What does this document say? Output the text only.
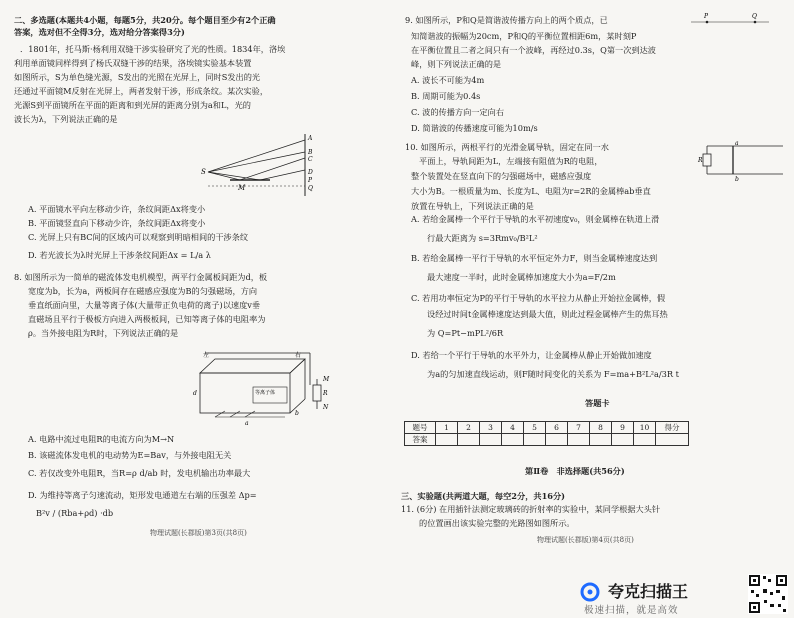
二、多选题(本题共4小题，每题5分，共20分。每个题目至少有2个正确
答案，选对但不全得3分，选对给分答案得3分)
．1801年，托马斯·杨利用双缝干涉实验研究了光的性质。1834年，洛埃
利用单面镜同样得到了杨氏双缝干涉的结果，洛埃镜实验基本装置
如图所示，S为单色缝光源，S发出的光照在光屏上，同时S发出的光
还通过平面镜M反射在光屏上，两者发射干涉，形成条纹。某次实验，
光源S到平面镜所在平面的距离和到光屏的距离分别为a和L，光的
波长为λ，下列说法正确的是
S
M
A
B
C
D
P
Q
A. 平面镜水平向左移动少许，条纹间距Δx将变小
B. 平面镜竖直向下移动少许，条纹间距Δx将变小
C. 光屏上只有BC间的区域内可以观察到明暗相间的干涉条纹
D. 若光波长为λ时光屏上干涉条纹间距Δx = L/a λ
8. 如图所示为一简单的磁流体发电机模型，两平行金属板间距为d，板
宽度为b，长为a，两板间存在磁感应强度为B的匀强磁场，方向
垂直纸面向里，大量等离子体(大量带正负电荷的离子)以速度v垂
直磁场且平行于极板方向进入两极板间，已知等离子体的电阻率为
ρ。当外接电阻为R时，下列说法正确的是
等离子体
左	右
M
R
N
d
a
b
A. 电路中流过电阻R的电流方向为M→N
B. 该磁流体发电机的电动势为E=Bav，与外接电阻无关
C. 若仅改变外电阻R，当R=ρ d/ab 时，发电机输出功率最大
D. 为维持等离子匀速流动，矩形发电通道左右端的压强差 Δp=
B²v / (Rba+ρd) ·db
物理试题(长郡版)第3页(共8页)
9. 如图所示，P和Q是简谐波传播方向上的两个质点，已	P	Q
知简谐波的振幅为20cm，P和Q的平衡位置相距6m，某时刻P
在平衡位置且二者之间只有一个波峰，再经过0.3s，Q第一次到达波
峰，则下列说法正确的是
A. 波长不可能为4m
B. 周期可能为0.4s
C. 波的传播方向一定向右
D. 简谐波的传播速度可能为10m/s
10. 如图所示，两根平行的光滑金属导轨，固定在同一水
平面上，导轨间距为L，左端接有阻值为R的电阻，
整个装置处在竖直向下的匀强磁场中，磁感应强度
大小为B。一根质量为m、长度为L、电阻为r=2R的金属棒ab垂直
放置在导轨上，下列说法正确的是
R
a
b
A. 若给金属棒一个平行于导轨的水平初速度v₀，则金属棒在轨道上滑
行最大距离为 s=3Rmv₀/B²L²
B. 若给金属棒一平行于导轨的水平恒定外力F，则当金属棒速度达到
最大速度一半时，此时金属棒加速度大小为a=F/2m
C. 若用功率恒定为P的平行于导轨的水平拉力从静止开始拉金属棒，假
设经过时间t金属棒速度达到最大值，则此过程金属棒产生的焦耳热
为 Q=Pt−mPL²/6R
D. 若给一个平行于导轨的水平外力，让金属棒从静止开始做加速度
为a的匀加速直线运动，则F随时间变化的关系为 F=ma+B²L²a/3R t
答题卡
题号	1	2	3	4	5	6	7	8	9	10	得分
答案											
第Ⅱ卷　非选择题(共56分)
三、实验题(共两道大题，每空2分，共16分)
11. (6分) 在用插针法测定玻璃砖的折射率的实验中，某同学根据大头针
的位置画出该实验完整的光路图如图所示。
物理试题(长郡版)第4页(共8页)
夸克扫描王
极速扫描，就是高效
